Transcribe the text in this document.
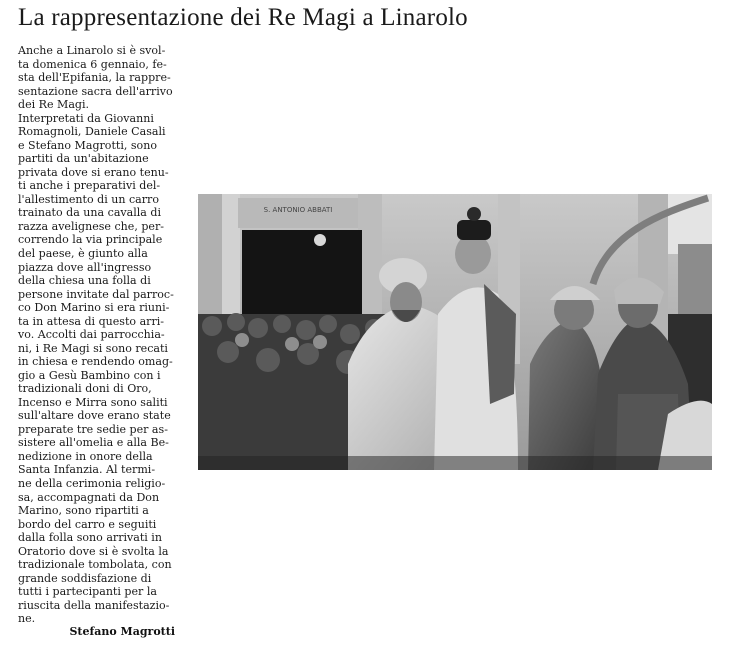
La rappresentazione dei Re Magi a Linarolo
Anche a Linarolo si è svol-
ta domenica 6 gennaio, fe-
sta dell'Epifania, la rappre-
sentazione sacra dell'arrivo
dei Re Magi.
Interpretati da Giovanni
Romagnoli, Daniele Casali
e Stefano Magrotti, sono
partiti da un'abitazione
privata dove si erano tenu-
ti anche i preparativi del-
l'allestimento di un carro
trainato da una cavalla di
razza avelignese che, per-
correndo la via principale
del paese, è giunto alla
piazza dove all'ingresso
della chiesa una folla di
persone invitate dal parroc-
co Don Marino si era riuni-
ta in attesa di questo arri-
vo. Accolti dai parrocchia-
ni, i Re Magi si sono recati
in chiesa e rendendo omag-
gio a Gesù Bambino con i
tradizionali doni di Oro,
Incenso e Mirra sono saliti
sull'altare dove erano state
preparate tre sedie per as-
sistere all'omelia e alla Be-
nedizione in onore della
Santa Infanzia. Al termi-
ne della cerimonia religio-
sa, accompagnati da Don
Marino, sono ripartiti a
bordo del carro e seguiti
dalla folla sono arrivati in
Oratorio dove si è svolta la
tradizionale tombolata, con
grande soddisfazione di
tutti i partecipanti per la
riuscita della manifestazio-
ne.
Stefano Magrotti
S. ANTONIO ABBATI
